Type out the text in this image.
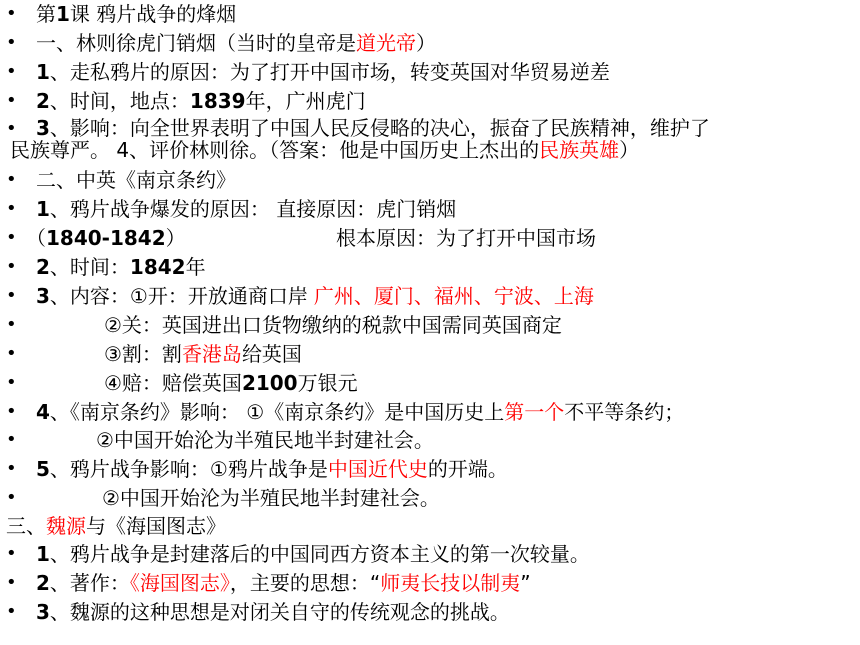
• 第1课 鸦片战争的烽烟
• 一、林则徐虎门销烟（当时的皇帝是道光帝）
• 1、走私鸦片的原因：为了打开中国市场，转变英国对华贸易逆差
• 2、时间，地点：1839年，广州虎门
• 3、影响：向全世界表明了中国人民反侵略的决心，振奋了民族精神，维护了
民族尊严。 4、评价林则徐。（答案：他是中国历史上杰出的民族英雄）
• 二、中英《南京条约》
• 1、鸦片战争爆发的原因： 直接原因：虎门销烟
• （1840-1842）	根本原因：为了打开中国市场
• 2、时间：1842年
• 3、内容：①开：开放通商口岸 广州、厦门、福州、宁波、上海
•	②关：英国进出口货物缴纳的税款中国需同英国商定
•	③割：割香港岛给英国
•	④赔：赔偿英国2100万银元
• 4、《南京条约》影响： ①《南京条约》是中国历史上第一个不平等条约；
•	②中国开始沦为半殖民地半封建社会。
• 5、鸦片战争影响：①鸦片战争是中国近代史的开端。
•	②中国开始沦为半殖民地半封建社会。
三、魏源与《海国图志》
• 1、鸦片战争是封建落后的中国同西方资本主义的第一次较量。
• 2、著作：《海国图志》，主要的思想：“师夷长技以制夷”
• 3、魏源的这种思想是对闭关自守的传统观念的挑战。
